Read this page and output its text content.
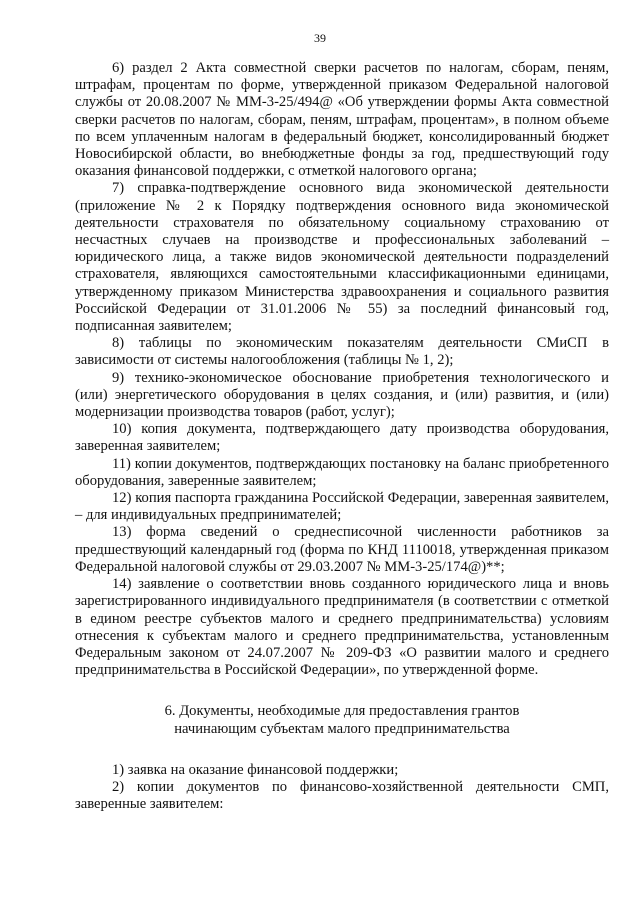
39

6) раздел 2 Акта совместной сверки расчетов по налогам, сборам, пеням, штрафам, процентам по форме, утвержденной приказом Федеральной налоговой службы от 20.08.2007 № ММ-3-25/494@ «Об утверждении формы Акта совместной сверки расчетов по налогам, сборам, пеням, штрафам, процентам», в полном объеме по всем уплаченным налогам в федеральный бюджет, консолидированный бюджет Новосибирской области, во внебюджетные фонды за год, предшествующий году оказания финансовой поддержки, с отметкой налогового органа;

7) справка-подтверждение основного вида экономической деятельности (приложение № 2 к Порядку подтверждения основного вида экономической деятельности страхователя по обязательному социальному страхованию от несчастных случаев на производстве и профессиональных заболеваний – юридического лица, а также видов экономической деятельности подразделений страхователя, являющихся самостоятельными классификационными единицами, утвержденному приказом Министерства здравоохранения и социального развития Российской Федерации от 31.01.2006 № 55) за последний финансовый год, подписанная заявителем;

8) таблицы по экономическим показателям деятельности СМиСП в зависимости от системы налогообложения (таблицы № 1, 2);

9) технико-экономическое обоснование приобретения технологического и (или) энергетического оборудования в целях создания, и (или) развития, и (или) модернизации производства товаров (работ, услуг);

10) копия документа, подтверждающего дату производства оборудования, заверенная заявителем;

11) копии документов, подтверждающих постановку на баланс приобретенного оборудования, заверенные заявителем;

12) копия паспорта гражданина Российской Федерации, заверенная заявителем, – для индивидуальных предпринимателей;

13) форма сведений о среднесписочной численности работников за предшествующий календарный год (форма по КНД 1110018, утвержденная приказом Федеральной налоговой службы от 29.03.2007 № ММ-3-25/174@)**;

14) заявление о соответствии вновь созданного юридического лица и вновь зарегистрированного индивидуального предпринимателя (в соответствии с отметкой в едином реестре субъектов малого и среднего предпринимательства) условиям отнесения к субъектам малого и среднего предпринимательства, установленным Федеральным законом от 24.07.2007 № 209-ФЗ «О развитии малого и среднего предпринимательства в Российской Федерации», по утвержденной форме.

6. Документы, необходимые для предоставления грантов
начинающим субъектам малого предпринимательства

1) заявка на оказание финансовой поддержки;

2) копии документов по финансово-хозяйственной деятельности СМП, заверенные заявителем:
